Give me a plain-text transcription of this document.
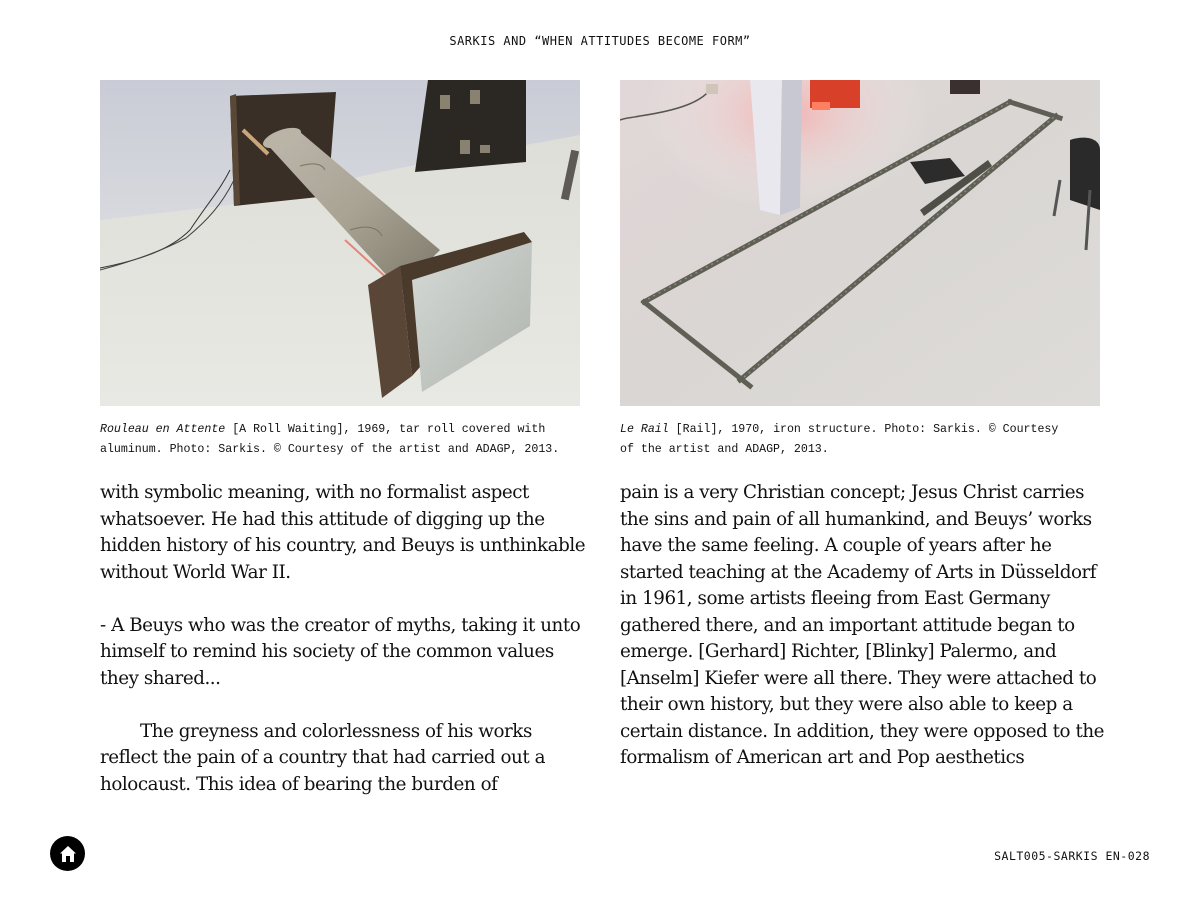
SARKIS AND “WHEN ATTITUDES BECOME FORM”
Rouleau en Attente [A Roll Waiting], 1969, tar roll covered with
aluminum. Photo: Sarkis. © Courtesy of the artist and ADAGP, 2013.
Le Rail [Rail], 1970, iron structure. Photo: Sarkis. © Courtesy
of the artist and ADAGP, 2013.

with symbolic meaning, with no formalist aspect whatsoever. He had this attitude of digging up the hidden history of his country, and Beuys is unthinkable without World War II.

- A Beuys who was the creator of myths, taking it unto himself to remind his society of the common values they shared...

The greyness and colorlessness of his works reflect the pain of a country that had carried out a holocaust. This idea of bearing the burden of

pain is a very Christian concept; Jesus Christ carries the sins and pain of all humankind, and Beuys’ works have the same feeling. A couple of years after he started teaching at the Academy of Arts in Düsseldorf in 1961, some artists fleeing from East Germany gathered there, and an important attitude began to emerge. [Gerhard] Richter, [Blinky] Palermo, and [Anselm] Kiefer were all there. They were attached to their own history, but they were also able to keep a certain distance. In addition, they were opposed to the formalism of American art and Pop aesthetics

SALT005-SARKIS EN-028
